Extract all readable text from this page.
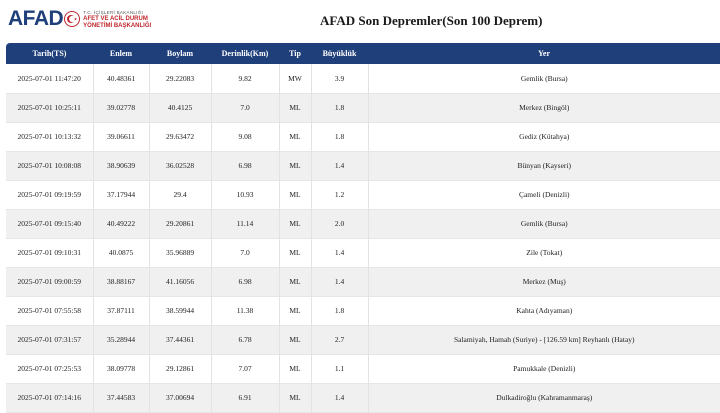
AFAD	T.C. İÇİŞLERİ BAKANLIĞI
AFET VE ACİL DURUM
YÖNETİMİ BAŞKANLIĞI	AFAD Son Depremler(Son 100 Deprem)
Tarih(TS)	Enlem	Boylam	Derinlik(Km)	Tip	Büyüklük	Yer
2025-07-01 11:47:20	40.48361	29.22083	9.82	MW	3.9	Gemlik (Bursa)
2025-07-01 10:25:11	39.02778	40.4125	7.0	ML	1.8	Merkez (Bingöl)
2025-07-01 10:13:32	39.06611	29.63472	9.08	ML	1.8	Gediz (Kütahya)
2025-07-01 10:08:08	38.90639	36.02528	6.98	ML	1.4	Bünyan (Kayseri)
2025-07-01 09:19:59	37.17944	29.4	10.93	ML	1.2	Çameli (Denizli)
2025-07-01 09:15:40	40.49222	29.20861	11.14	ML	2.0	Gemlik (Bursa)
2025-07-01 09:10:31	40.0875	35.96889	7.0	ML	1.4	Zile (Tokat)
2025-07-01 09:00:59	38.88167	41.16056	6.98	ML	1.4	Merkez (Muş)
2025-07-01 07:55:58	37.87111	38.59944	11.38	ML	1.8	Kahta (Adıyaman)
2025-07-01 07:31:57	35.28944	37.44361	6.78	ML	2.7	Salamiyah, Hamah (Suriye) - [126.59 km] Reyhanlı (Hatay)
2025-07-01 07:25:53	38.09778	29.12861	7.07	ML	1.1	Pamukkale (Denizli)
2025-07-01 07:14:16	37.44583	37.00694	6.91	ML	1.4	Dulkadiroğlu (Kahramanmaraş)
